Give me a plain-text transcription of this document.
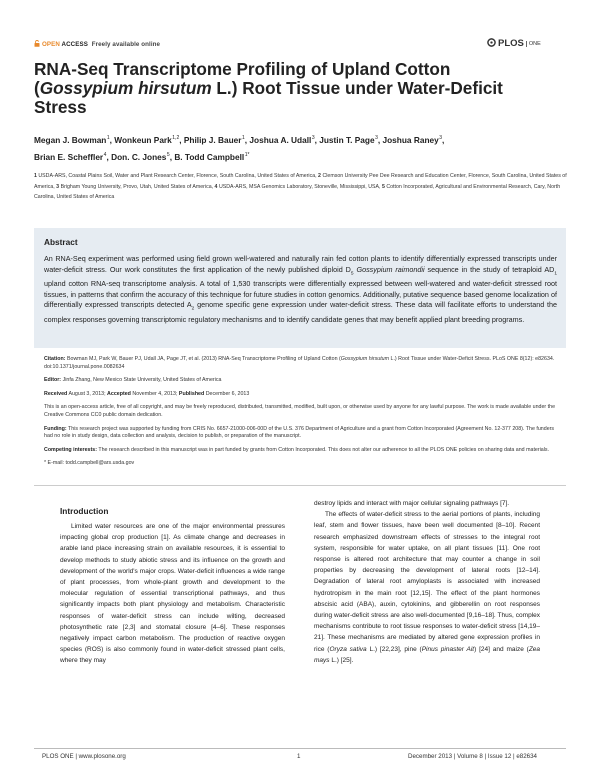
OPEN ACCESS Freely available online	PLOS ONE
RNA-Seq Transcriptome Profiling of Upland Cotton
(Gossypium hirsutum L.) Root Tissue under Water-Deficit Stress
Megan J. Bowman$^1$, Wonkeun Park$^{1,2}$, Philip J. Bauer$^1$, Joshua A. Udall$^3$, Justin T. Page$^3$, Joshua Raney$^3$,
Brian E. Scheffler$^4$, Don. C. Jones$^5$, B. Todd Campbell$^{1*}$
1 USDA-ARS, Coastal Plains Soil, Water and Plant Research Center, Florence, South Carolina, United States of America, 2 Clemson University Pee Dee Research and Education Center, Florence, South Carolina, United States of America, 3 Brigham Young University, Provo, Utah, United States of America, 4 USDA-ARS, MSA Genomics Laboratory, Stoneville, Mississippi, USA, 5 Cotton Incorporated, Agricultural and Environmental Research, Cary, North Carolina, United States of America
Abstract
An RNA-Seq experiment was performed using field grown well-watered and naturally rain fed cotton plants to identify differentially expressed transcripts under water-deficit stress. Our work constitutes the first application of the newly published diploid $D_5$ Gossypium raimondii sequence in the study of tetraploid $AD_1$ upland cotton RNA-seq transcriptome analysis. A total of 1,530 transcripts were differentially expressed between well-watered and water-deficit stressed root tissues, in patterns that confirm the accuracy of this technique for future studies in cotton genomics. Additionally, putative sequence based genome localization of differentially expressed transcripts detected $A_2$ genome specific gene expression under water-deficit stress. These data will facilitate efforts to understand the complex responses governing transcriptomic regulatory mechanisms and to identify candidate genes that may benefit applied plant breeding programs.

Citation: Bowman MJ, Park W, Bauer PJ, Udall JA, Page JT, et al. (2013) RNA-Seq Transcriptome Profiling of Upland Cotton (Gossypium hirsutum L.) Root Tissue under Water-Deficit Stress. PLoS ONE 8(12): e82634. doi:10.1371/journal.pone.0082634

Editor: Jinfa Zhang, New Mexico State University, United States of America

Received August 3, 2013; Accepted November 4, 2013; Published December 6, 2013

This is an open-access article, free of all copyright, and may be freely reproduced, distributed, transmitted, modified, built upon, or otherwise used by anyone for any lawful purpose. The work is made available under the Creative Commons CC0 public domain dedication.

Funding: This research project was supported by funding from CRIS No. 6657-21000-006-00D of the U.S. 376 Department of Agriculture and a grant from Cotton Incorporated (Agreement No. 12-377 208). The funders had no role in study design, data collection and analysis, decision to publish, or preparation of the manuscript.

Competing interests: The research described in this manuscript was in part funded by grants from Cotton Incorporated. This does not alter our adherence to all the PLOS ONE policies on sharing data and materials.

* E-mail: todd.campbell@ars.usda.gov

Introduction
Limited water resources are one of the major environmental pressures impacting global crop production [1]. As climate change and decreases in arable land place increasing strain on available resources, it is essential to develop methods to study abiotic stress and its influence on the growth and development of the world's major crops. Water-deficit influences a wide range of plant processes, from whole-plant growth and development to the molecular regulation of essential transcriptional pathways, and thus significantly impacts both plant physiology and metabolism. Characteristic responses of water-deficit stress can include wilting, decreased photosynthetic rate [2,3] and stomatal closure [4–6]. These responses negatively impact carbon metabolism. The production of reactive oxygen species (ROS) is also commonly found in water-deficit stressed plant cells, where they may

destroy lipids and interact with major cellular signaling pathways [7].

The effects of water-deficit stress to the aerial portions of plants, including leaf, stem and flower tissues, have been well documented [8–10]. Recent research emphasized downstream effects of stresses to the integral root system, responsible for water uptake, on all plant tissues [11]. One root response is altered root architecture that may counter a change in soil properties by decreasing the development of lateral roots [12–14]. Degradation of lateral root amyloplasts is associated with increased hydrotropism in the main root [12,15]. The effect of the plant hormones abscisic acid (ABA), auxin, cytokinins, and gibberellin on root responses during water-deficit stress are also well-documented [9,16–18]. Thus, complex mechanisms contribute to root tissue responses to water-deficit stress [14,19–21]. These mechanisms are mediated by altered gene expression profiles in rice (Oryza sativa L.) [22,23], pine (Pinus pinaster Ait) [24] and maize (Zea mays L.) [25].

PLOS ONE | www.plosone.org	1	December 2013 | Volume 8 | Issue 12 | e82634
